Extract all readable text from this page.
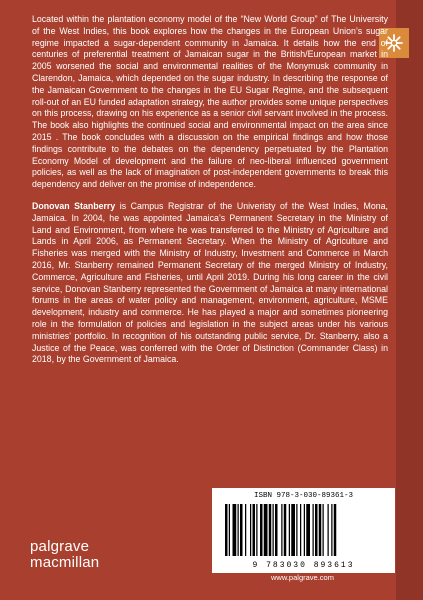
Located within the plantation economy model of the “New World Group” of The University of the West Indies, this book explores how the changes in the European Union’s sugar regime impacted a sugar-dependent community in Jamaica. It details how the end of centuries of preferential treatment of Jamaican sugar in the British/European market in 2005 worsened the social and environmental realities of the Monymusk community in Clarendon, Jamaica, which depended on the sugar industry. In describing the response of the Jamaican Government to the changes in the EU Sugar Regime, and the subsequent roll-out of an EU funded adaptation strategy, the author provides some unique perspectives on this process, drawing on his experience as a senior civil servant involved in the process. The book also highlights the continued social and environmental impact on the area since 2015 . The book concludes with a discussion on the empirical findings and how those findings contribute to the debates on the dependency perpetuated by the Plantation Economy Model of development and the failure of neo-liberal influenced government policies, as well as the lack of imagination of post-independent governments to break this dependency and deliver on the promise of independence.

Donovan Stanberry is Campus Registrar of the Univeristy of the West Indies, Mona, Jamaica. In 2004, he was appointed Jamaica’s Permanent Secretary in the Ministry of Land and Environment, from where he was transferred to the Ministry of Agriculture and Lands in April 2006, as Permanent Secretary. When the Ministry of Agriculture and Fisheries was merged with the Ministry of Industry, Investment and Commerce in March 2016, Mr. Stanberry remained Permanent Secretary of the merged Ministry of Industry, Commerce, Agriculture and Fisheries, until April 2019. During his long career in the civil service, Donovan Stanberry represented the Government of Jamaica at many international forums in the areas of water policy and management, environment, agriculture, MSME development, industry and commerce. He has played a major and sometimes pioneering role in the formulation of policies and legislation in the subject areas under his various ministries’ portfolio. In recognition of his outstanding public service, Dr. Stanberry, also a Justice of the Peace, was conferred with the Order of Distinction (Commander Class) in 2018, by the Government of Jamaica.

ISBN 978-3-030-89361-3
9 783030 893613
www.palgrave.com
palgrave
macmillan
